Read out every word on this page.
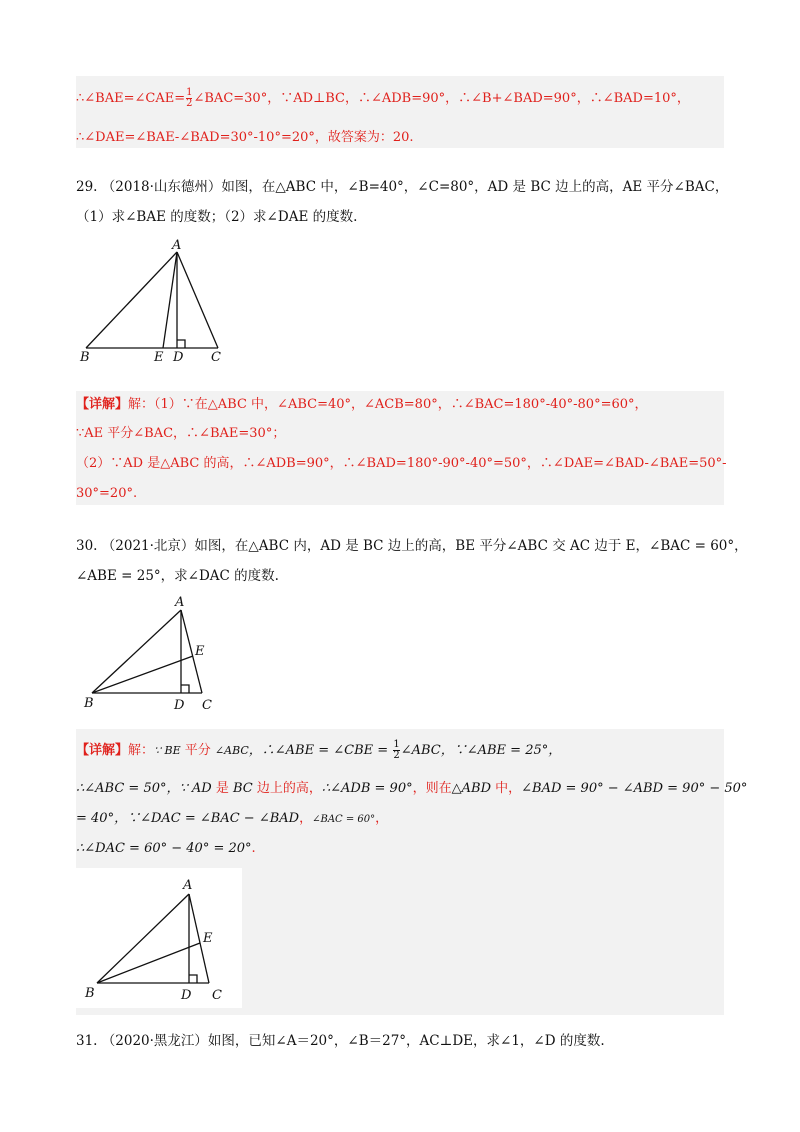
∴∠BAE=∠CAE= $\frac{1}{2}$ ∠BAC=30°，∵AD⊥BC，∴∠ADB=90°，∴∠B+∠BAD=90°，∴∠BAD=10°，
∴∠DAE=∠BAE-∠BAD=30°-10°=20°，故答案为：20.
29. （2018·山东德州）如图，在△ABC 中，∠B=40°，∠C=80°，AD 是 BC 边上的高，AE 平分∠BAC，
（1）求∠BAE 的度数；（2）求∠DAE 的度数.
A
B	E D C
【详解】解：（1）∵在△ABC 中，∠ABC=40°，∠ACB=80°，∴∠BAC=180°-40°-80°=60°，
∵AE 平分∠BAC，∴∠BAE=30°；
（2）∵AD 是△ABC 的高，∴∠ADB=90°，∴∠BAD=180°-90°-40°=50°，∴∠DAE=∠BAD-∠BAE=50°-
30°=20°.
30. （2021·北京）如图，在△ABC 内，AD 是 BC 边上的高，BE 平分∠ABC 交 AC 边于 E，∠BAC = 60°，
∠ABE = 25°，求∠DAC 的度数.
A
E
B	D C
【详解】解：∵ BE 平分 ∠ABC，∴∠ABE = ∠CBE = $\frac{1}{2}$ ∠ABC，∵∠ABE = 25°，
∴∠ABC = 50°，∵ AD 是 BC 边上的高，∴∠ADB = 90°，则在△ABD 中，∠BAD = 90° − ∠ABD = 90° − 50°
= 40°，∵∠DAC = ∠BAC − ∠BAD，∠BAC = 60°，
∴∠DAC = 60° − 40° = 20°.
A
E
B	D C
31. （2020·黑龙江）如图，已知∠A＝20°，∠B＝27°，AC⊥DE，求∠1，∠D 的度数.
